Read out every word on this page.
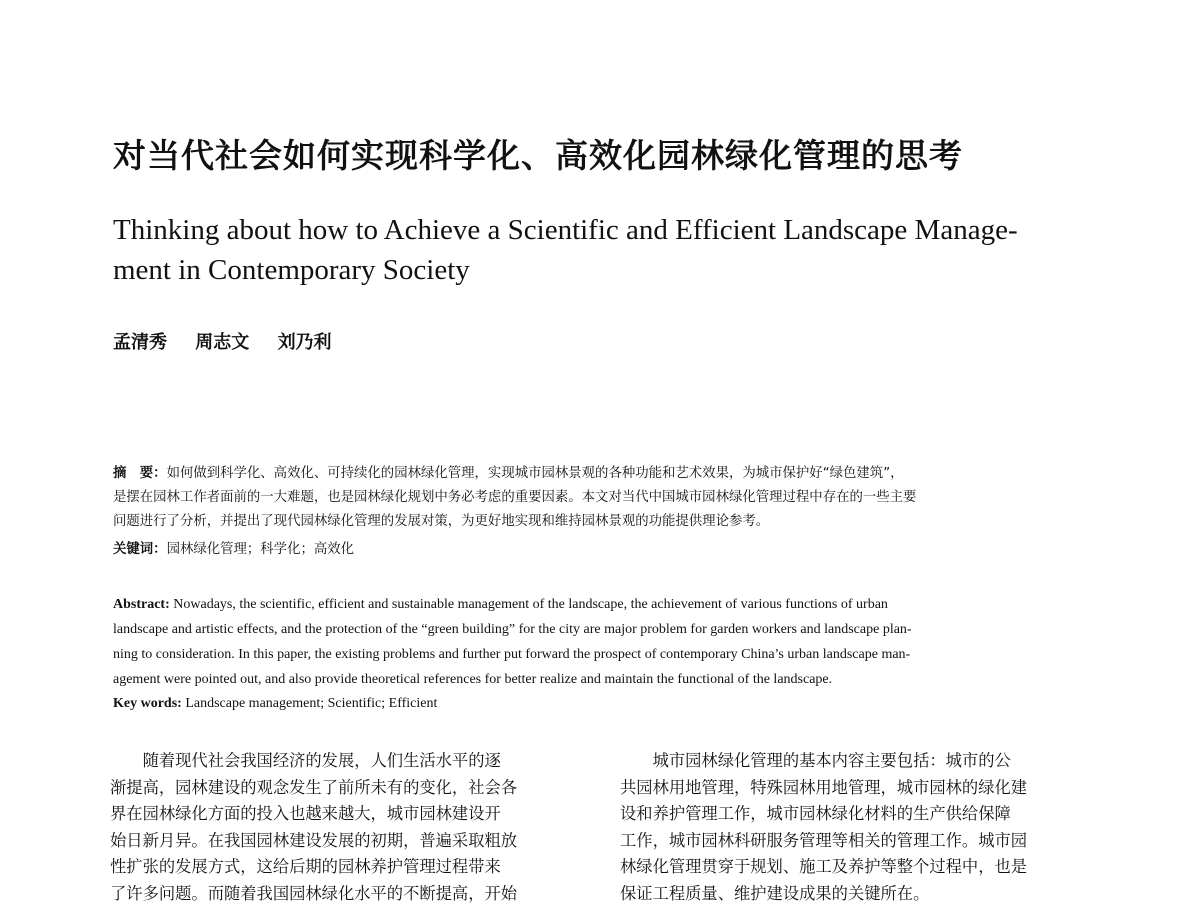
对当代社会如何实现科学化、高效化园林绿化管理的思考
Thinking about how to Achieve a Scientific and Efficient Landscape Manage-
ment in Contemporary Society
孟清秀 周志文 刘乃利
摘　要：如何做到科学化、高效化、可持续化的园林绿化管理，实现城市园林景观的各种功能和艺术效果，为城市保护好“绿色建筑”，
是摆在园林工作者面前的一大难题，也是园林绿化规划中务必考虑的重要因素。本文对当代中国城市园林绿化管理过程中存在的一些主要
问题进行了分析，并提出了现代园林绿化管理的发展对策，为更好地实现和维持园林景观的功能提供理论参考。
关键词：园林绿化管理；科学化；高效化
Abstract: Nowadays, the scientific, efficient and sustainable management of the landscape, the achievement of various functions of urban
landscape and artistic effects, and the protection of the “green building” for the city are major problem for garden workers and landscape plan-
ning to consideration. In this paper, the existing problems and further put forward the prospect of contemporary China’s urban landscape man-
agement were pointed out, and also provide theoretical references for better realize and maintain the functional of the landscape.
Key words: Landscape management; Scientific; Efficient
　　随着现代社会我国经济的发展，人们生活水平的逐
渐提高，园林建设的观念发生了前所未有的变化，社会各
界在园林绿化方面的投入也越来越大，城市园林建设开
始日新月异。在我国园林建设发展的初期，普遍采取粗放
性扩张的发展方式，这给后期的园林养护管理过程带来
了许多问题。而随着我国园林绿化水平的不断提高，开始
　　城市园林绿化管理的基本内容主要包括：城市的公
共园林用地管理，特殊园林用地管理，城市园林的绿化建
设和养护管理工作，城市园林绿化材料的生产供给保障
工作，城市园林科研服务管理等相关的管理工作。城市园
林绿化管理贯穿于规划、施工及养护等整个过程中，也是
保证工程质量、维护建设成果的关键所在。
